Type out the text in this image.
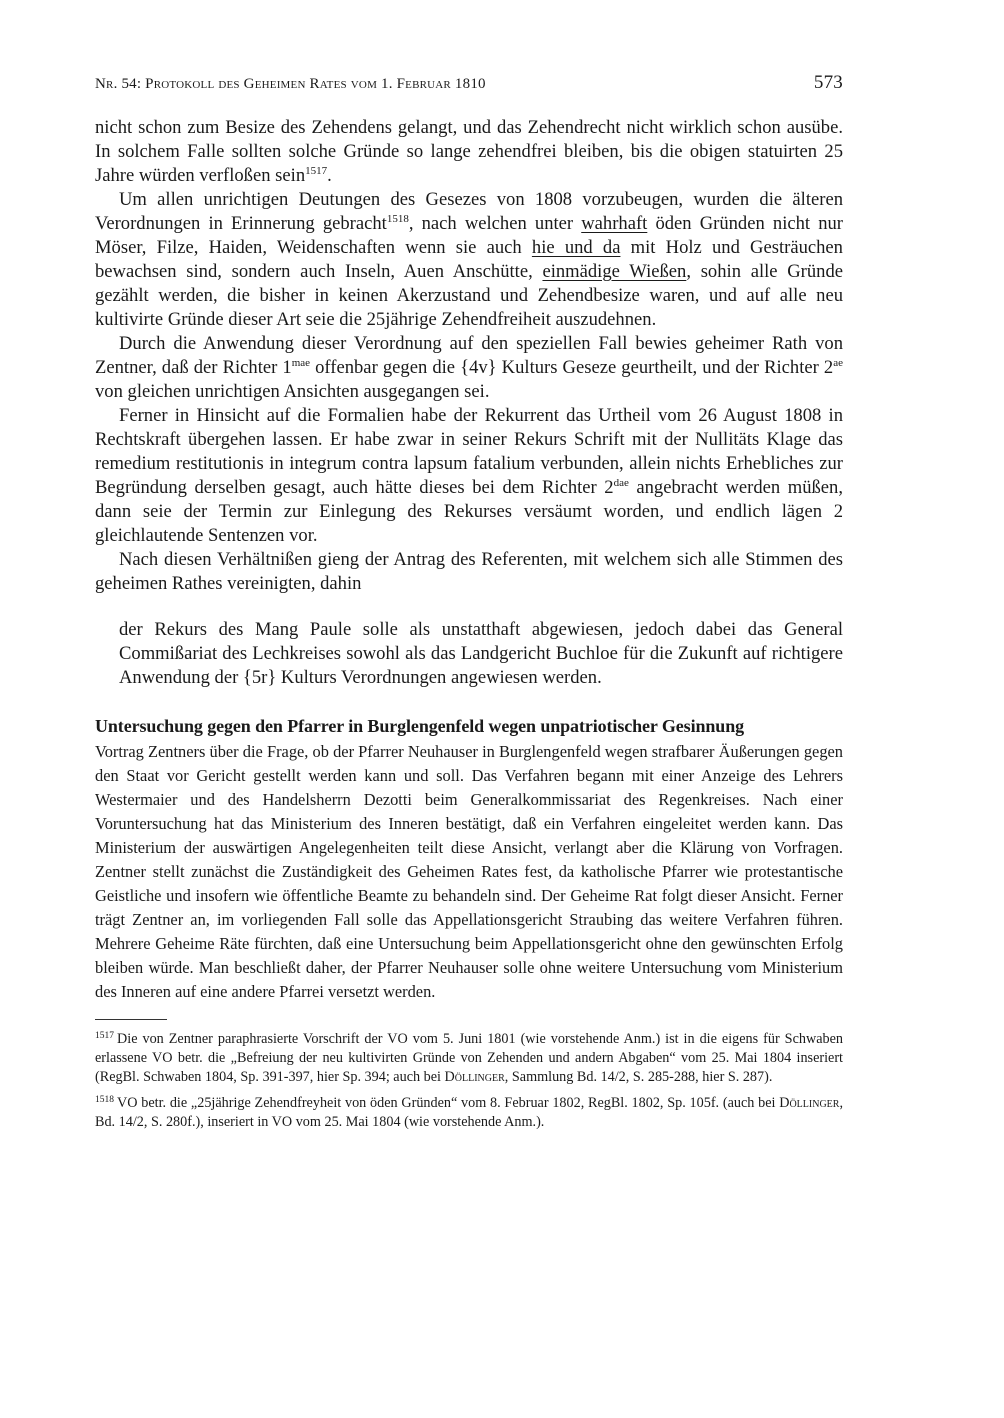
Nr. 54: Protokoll des Geheimen Rates vom 1. Februar 1810	573

nicht schon zum Besize des Zehendens gelangt, und das Zehendrecht nicht wirklich schon ausübe. In solchem Falle sollten solche Gründe so lange zehendfrei bleiben, bis die obigen statuirten 25 Jahre würden verfloßen sein$^{1517}$.

Um allen unrichtigen Deutungen des Gesezes von 1808 vorzubeugen, wurden die älteren Verordnungen in Erinnerung gebracht$^{1518}$, nach welchen unter wahrhaft öden Gründen nicht nur Möser, Filze, Haiden, Weidenschaften wenn sie auch hie und da mit Holz und Gesträuchen bewachsen sind, sondern auch Inseln, Auen Anschütte, einmädige Wießen, sohin alle Gründe gezählt werden, die bisher in keinen Akerzustand und Zehendbesize waren, und auf alle neu kultivirte Gründe dieser Art seie die 25jährige Zehendfreiheit auszudehnen.

Durch die Anwendung dieser Verordnung auf den speziellen Fall bewies geheimer Rath von Zentner, daß der Richter $1^{mae}$ offenbar gegen die {4v} Kulturs Geseze geurtheilt, und der Richter $2^{ae}$ von gleichen unrichtigen Ansichten ausgegangen sei.

Ferner in Hinsicht auf die Formalien habe der Rekurrent das Urtheil vom 26 August 1808 in Rechtskraft übergehen lassen. Er habe zwar in seiner Rekurs Schrift mit der Nullitäts Klage das remedium restitutionis in integrum contra lapsum fatalium verbunden, allein nichts Erhebliches zur Begründung derselben gesagt, auch hätte dieses bei dem Richter $2^{dae}$ angebracht werden müßen, dann seie der Termin zur Einlegung des Rekurses versäumt worden, und endlich lägen 2 gleichlautende Sentenzen vor.

Nach diesen Verhältnißen gieng der Antrag des Referenten, mit welchem sich alle Stimmen des geheimen Rathes vereinigten, dahin

der Rekurs des Mang Paule solle als unstatthaft abgewiesen, jedoch dabei das General Commißariat des Lechkreises sowohl als das Landgericht Buchloe für die Zukunft auf richtigere Anwendung der {5r} Kulturs Verordnungen angewiesen werden.
Untersuchung gegen den Pfarrer in Burglengenfeld wegen unpatriotischer Gesinnung
Vortrag Zentners über die Frage, ob der Pfarrer Neuhauser in Burglengenfeld wegen strafbarer Äußerungen gegen den Staat vor Gericht gestellt werden kann und soll. Das Verfahren begann mit einer Anzeige des Lehrers Westermaier und des Handelsherrn Dezotti beim Generalkommissariat des Regenkreises. Nach einer Voruntersuchung hat das Ministerium des Inneren bestätigt, daß ein Verfahren eingeleitet werden kann. Das Ministerium der auswärtigen Angelegenheiten teilt diese Ansicht, verlangt aber die Klärung von Vorfragen. Zentner stellt zunächst die Zuständigkeit des Geheimen Rates fest, da katholische Pfarrer wie protestantische Geistliche und insofern wie öffentliche Beamte zu behandeln sind. Der Geheime Rat folgt dieser Ansicht. Ferner trägt Zentner an, im vorliegenden Fall solle das Appellationsgericht Straubing das weitere Verfahren führen. Mehrere Geheime Räte fürchten, daß eine Untersuchung beim Appellationsgericht ohne den gewünschten Erfolg bleiben würde. Man beschließt daher, der Pfarrer Neuhauser solle ohne weitere Untersuchung vom Ministerium des Inneren auf eine andere Pfarrei versetzt werden.
$^{1517}$ Die von Zentner paraphrasierte Vorschrift der VO vom 5. Juni 1801 (wie vorstehende Anm.) ist in die eigens für Schwaben erlassene VO betr. die „Befreiung der neu kultivirten Gründe von Zehenden und andern Abgaben“ vom 25. Mai 1804 inseriert (RegBl. Schwaben 1804, Sp. 391-397, hier Sp. 394; auch bei Döllinger, Sammlung Bd. 14/2, S. 285-288, hier S. 287).
$^{1518}$ VO betr. die „25jährige Zehendfreyheit von öden Gründen“ vom 8. Februar 1802, RegBl. 1802, Sp. 105f. (auch bei Döllinger, Bd. 14/2, S. 280f.), inseriert in VO vom 25. Mai 1804 (wie vorstehende Anm.).
